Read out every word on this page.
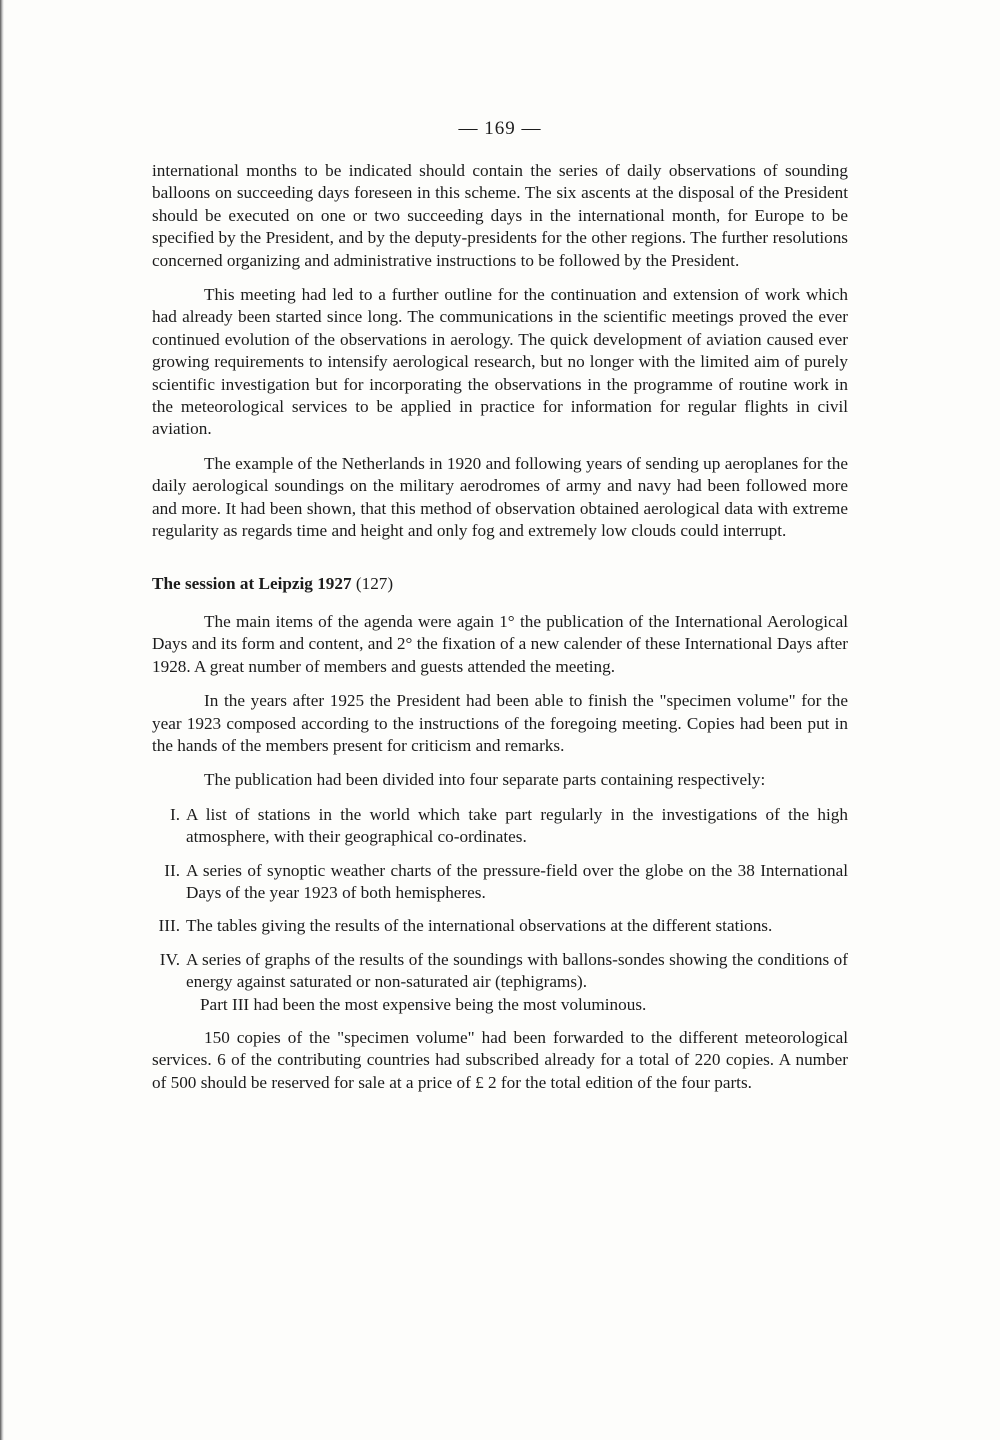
— 169 —

international months to be indicated should contain the series of daily observations of sounding balloons on succeeding days foreseen in this scheme. The six ascents at the disposal of the President should be executed on one or two succeeding days in the international month, for Europe to be specified by the President, and by the deputy-presidents for the other regions. The further resolutions concerned organizing and administrative instructions to be followed by the President.

This meeting had led to a further outline for the continuation and extension of work which had already been started since long. The communications in the scientific meetings proved the ever continued evolution of the observations in aerology. The quick development of aviation caused ever growing requirements to intensify aerological research, but no longer with the limited aim of purely scientific investigation but for incorporating the observations in the programme of routine work in the meteorological services to be applied in practice for information for regular flights in civil aviation.

The example of the Netherlands in 1920 and following years of sending up aeroplanes for the daily aerological soundings on the military aerodromes of army and navy had been followed more and more. It had been shown, that this method of observation obtained aerological data with extreme regularity as regards time and height and only fog and extremely low clouds could interrupt.

The session at Leipzig 1927 (127)

The main items of the agenda were again 1° the publication of the International Aerological Days and its form and content, and 2° the fixation of a new calender of these International Days after 1928. A great number of members and guests attended the meeting.

In the years after 1925 the President had been able to finish the "specimen volume" for the year 1923 composed according to the instructions of the foregoing meeting. Copies had been put in the hands of the members present for criticism and remarks.

The publication had been divided into four separate parts containing respectively:

I. A list of stations in the world which take part regularly in the investigations of the high atmosphere, with their geographical co-ordinates.
II. A series of synoptic weather charts of the pressure-field over the globe on the 38 International Days of the year 1923 of both hemispheres.
III. The tables giving the results of the international observations at the different stations.
IV. A series of graphs of the results of the soundings with ballons-sondes showing the conditions of energy against saturated or non-saturated air (tephigrams).
Part III had been the most expensive being the most voluminous.

150 copies of the "specimen volume" had been forwarded to the different meteorological services. 6 of the contributing countries had subscribed already for a total of 220 copies. A number of 500 should be reserved for sale at a price of £ 2 for the total edition of the four parts.
